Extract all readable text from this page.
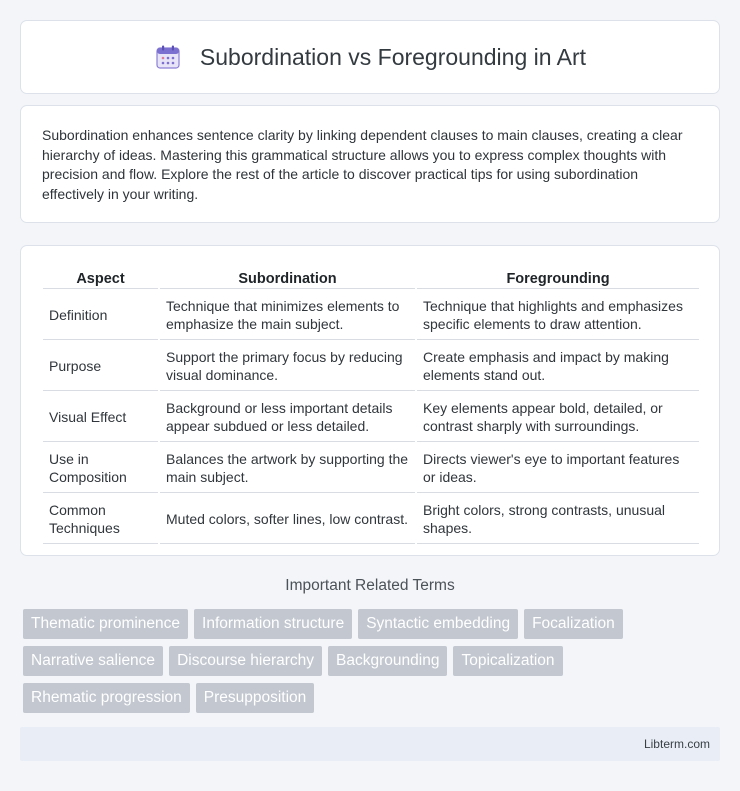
Subordination vs Foregrounding in Art

Subordination enhances sentence clarity by linking dependent clauses to main clauses, creating a clear hierarchy of ideas. Mastering this grammatical structure allows you to express complex thoughts with precision and flow. Explore the rest of the article to discover practical tips for using subordination effectively in your writing.

Aspect	Subordination	Foregrounding
Definition	Technique that minimizes elements to emphasize the main subject.	Technique that highlights and emphasizes specific elements to draw attention.
Purpose	Support the primary focus by reducing visual dominance.	Create emphasis and impact by making elements stand out.
Visual Effect	Background or less important details appear subdued or less detailed.	Key elements appear bold, detailed, or contrast sharply with surroundings.
Use in Composition	Balances the artwork by supporting the main subject.	Directs viewer's eye to important features or ideas.
Common Techniques	Muted colors, softer lines, low contrast.	Bright colors, strong contrasts, unusual shapes.
Important Related Terms
Thematic prominence	Information structure	Syntactic embedding	Focalization
Narrative salience	Discourse hierarchy	Backgrounding	Topicalization
Rhematic progression	Presupposition
Libterm.com
